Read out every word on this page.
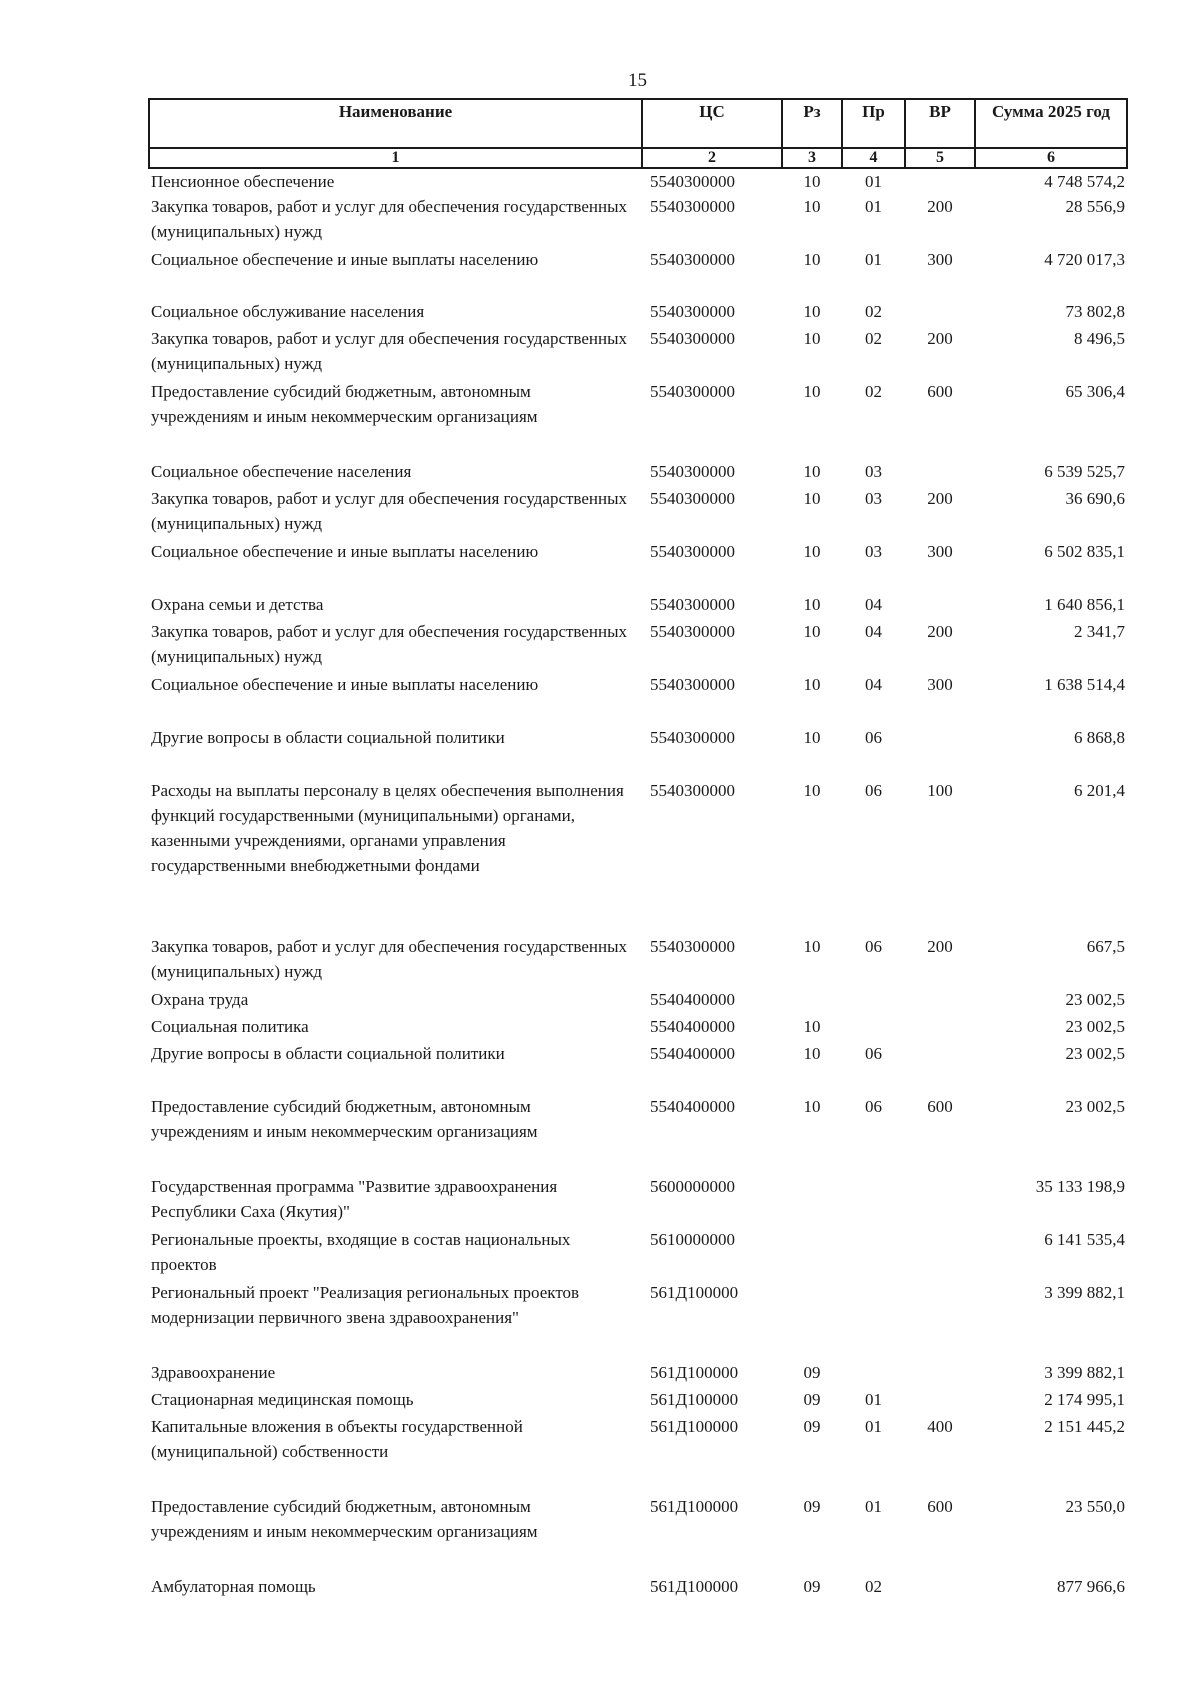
15
Наименование	ЦС	Рз	Пр	ВР	Сумма 2025 год
1	2	3	4	5	6
Пенсионное обеспечение	5540300000	10	01		4 748 574,2
Закупка товаров, работ и услуг для обеспечения государственных (муниципальных) нужд	5540300000	10	01	200	28 556,9
Социальное обеспечение и иные выплаты населению	5540300000	10	01	300	4 720 017,3
Социальное обслуживание населения	5540300000	10	02		73 802,8
Закупка товаров, работ и услуг для обеспечения государственных (муниципальных) нужд	5540300000	10	02	200	8 496,5
Предоставление субсидий бюджетным, автономным учреждениям и иным некоммерческим организациям	5540300000	10	02	600	65 306,4
Социальное обеспечение населения	5540300000	10	03		6 539 525,7
Закупка товаров, работ и услуг для обеспечения государственных (муниципальных) нужд	5540300000	10	03	200	36 690,6
Социальное обеспечение и иные выплаты населению	5540300000	10	03	300	6 502 835,1
Охрана семьи и детства	5540300000	10	04		1 640 856,1
Закупка товаров, работ и услуг для обеспечения государственных (муниципальных) нужд	5540300000	10	04	200	2 341,7
Социальное обеспечение и иные выплаты населению	5540300000	10	04	300	1 638 514,4
Другие вопросы в области социальной политики	5540300000	10	06		6 868,8
Расходы на выплаты персоналу в целях обеспечения выполнения функций государственными (муниципальными) органами, казенными учреждениями, органами управления государственными внебюджетными фондами	5540300000	10	06	100	6 201,4
Закупка товаров, работ и услуг для обеспечения государственных (муниципальных) нужд	5540300000	10	06	200	667,5
Охрана труда	5540400000				23 002,5
Социальная политика	5540400000	10			23 002,5
Другие вопросы в области социальной политики	5540400000	10	06		23 002,5
Предоставление субсидий бюджетным, автономным учреждениям и иным некоммерческим организациям	5540400000	10	06	600	23 002,5
Государственная программа "Развитие здравоохранения Республики Саха (Якутия)"	5600000000				35 133 198,9
Региональные проекты, входящие в состав национальных проектов	5610000000				6 141 535,4
Региональный проект "Реализация региональных проектов модернизации первичного звена здравоохранения"	561Д100000				3 399 882,1
Здравоохранение	561Д100000	09			3 399 882,1
Стационарная медицинская помощь	561Д100000	09	01		2 174 995,1
Капитальные вложения в объекты государственной (муниципальной) собственности	561Д100000	09	01	400	2 151 445,2
Предоставление субсидий бюджетным, автономным учреждениям и иным некоммерческим организациям	561Д100000	09	01	600	23 550,0
Амбулаторная помощь	561Д100000	09	02		877 966,6
